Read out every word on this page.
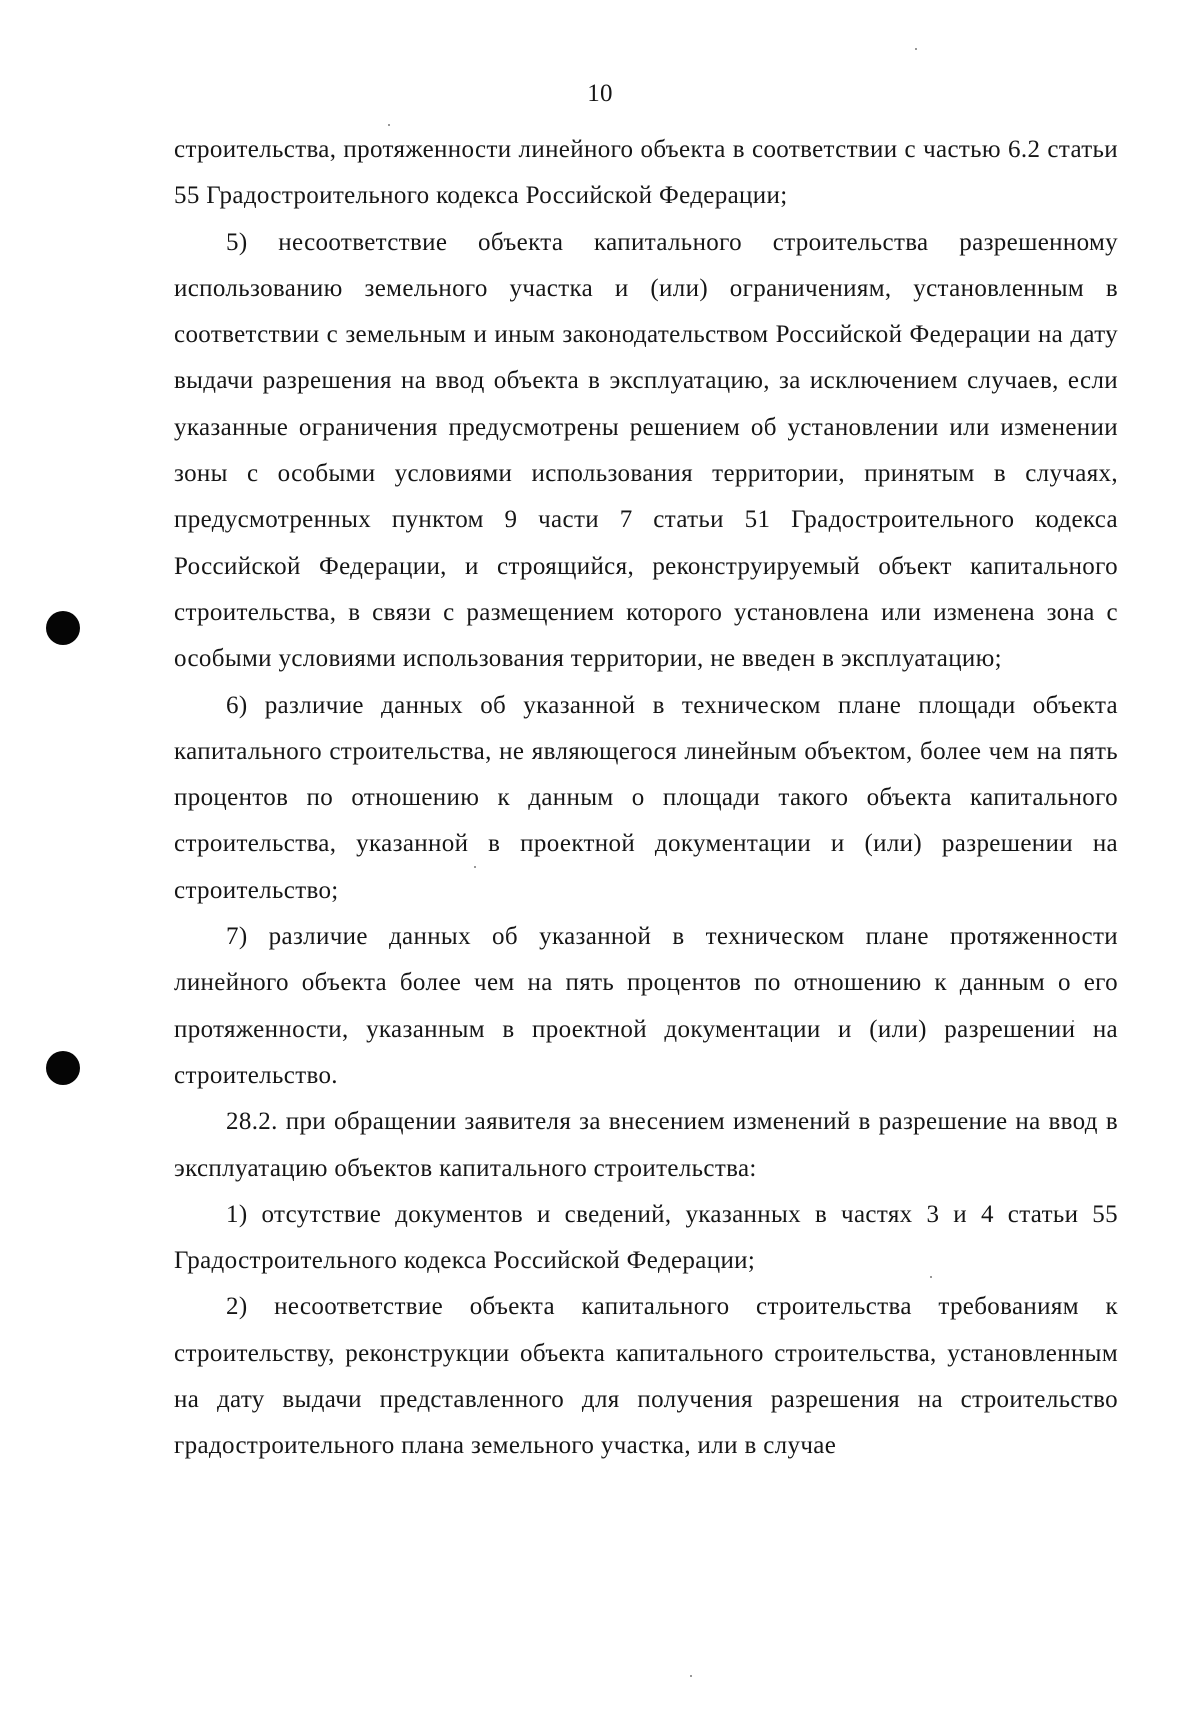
10

строительства, протяженности линейного объекта в соответствии с частью 6.2 статьи 55 Градостроительного кодекса Российской Федерации;

5) несоответствие объекта капитального строительства разрешенному использованию земельного участка и (или) ограничениям, установленным в соответствии с земельным и иным законодательством Российской Федерации на дату выдачи разрешения на ввод объекта в эксплуатацию, за исключением случаев, если указанные ограничения предусмотрены решением об установлении или изменении зоны с особыми условиями использования территории, принятым в случаях, предусмотренных пунктом 9 части 7 статьи 51 Градостроительного кодекса Российской Федерации, и строящийся, реконструируемый объект капитального строительства, в связи с размещением которого установлена или изменена зона с особыми условиями использования территории, не введен в эксплуатацию;

6) различие данных об указанной в техническом плане площади объекта капитального строительства, не являющегося линейным объектом, более чем на пять процентов по отношению к данным о площади такого объекта капитального строительства, указанной в проектной документации и (или) разрешении на строительство;

7) различие данных об указанной в техническом плане протяженности линейного объекта более чем на пять процентов по отношению к данным о его протяженности, указанным в проектной документации и (или) разрешении на строительство.

28.2. при обращении заявителя за внесением изменений в разрешение на ввод в эксплуатацию объектов капитального строительства:

1) отсутствие документов и сведений, указанных в частях 3 и 4 статьи 55 Градостроительного кодекса Российской Федерации;

2) несоответствие объекта капитального строительства требованиям к строительству, реконструкции объекта капитального строительства, установленным на дату выдачи представленного для получения разрешения на строительство градостроительного плана земельного участка, или в случае
